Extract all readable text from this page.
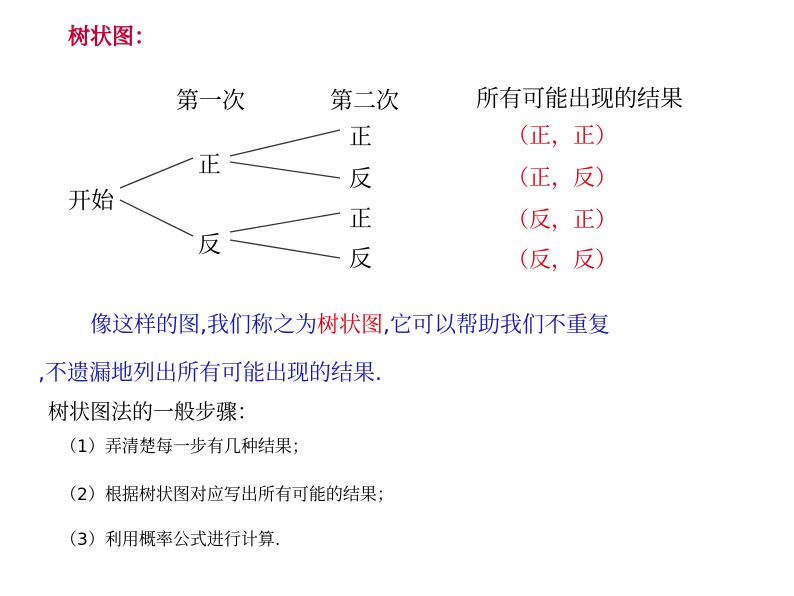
树状图：
第一次	第二次	所有可能出现的结果
开始
正
反
正
反
正
反
（正，正）
（正，反）
（反，正）
（反，反）
像这样的图,我们称之为树状图,它可以帮助我们不重复
,不遗漏地列出所有可能出现的结果.
树状图法的一般步骤：
（1）弄清楚每一步有几种结果；
（2）根据树状图对应写出所有可能的结果；
（3）利用概率公式进行计算.
